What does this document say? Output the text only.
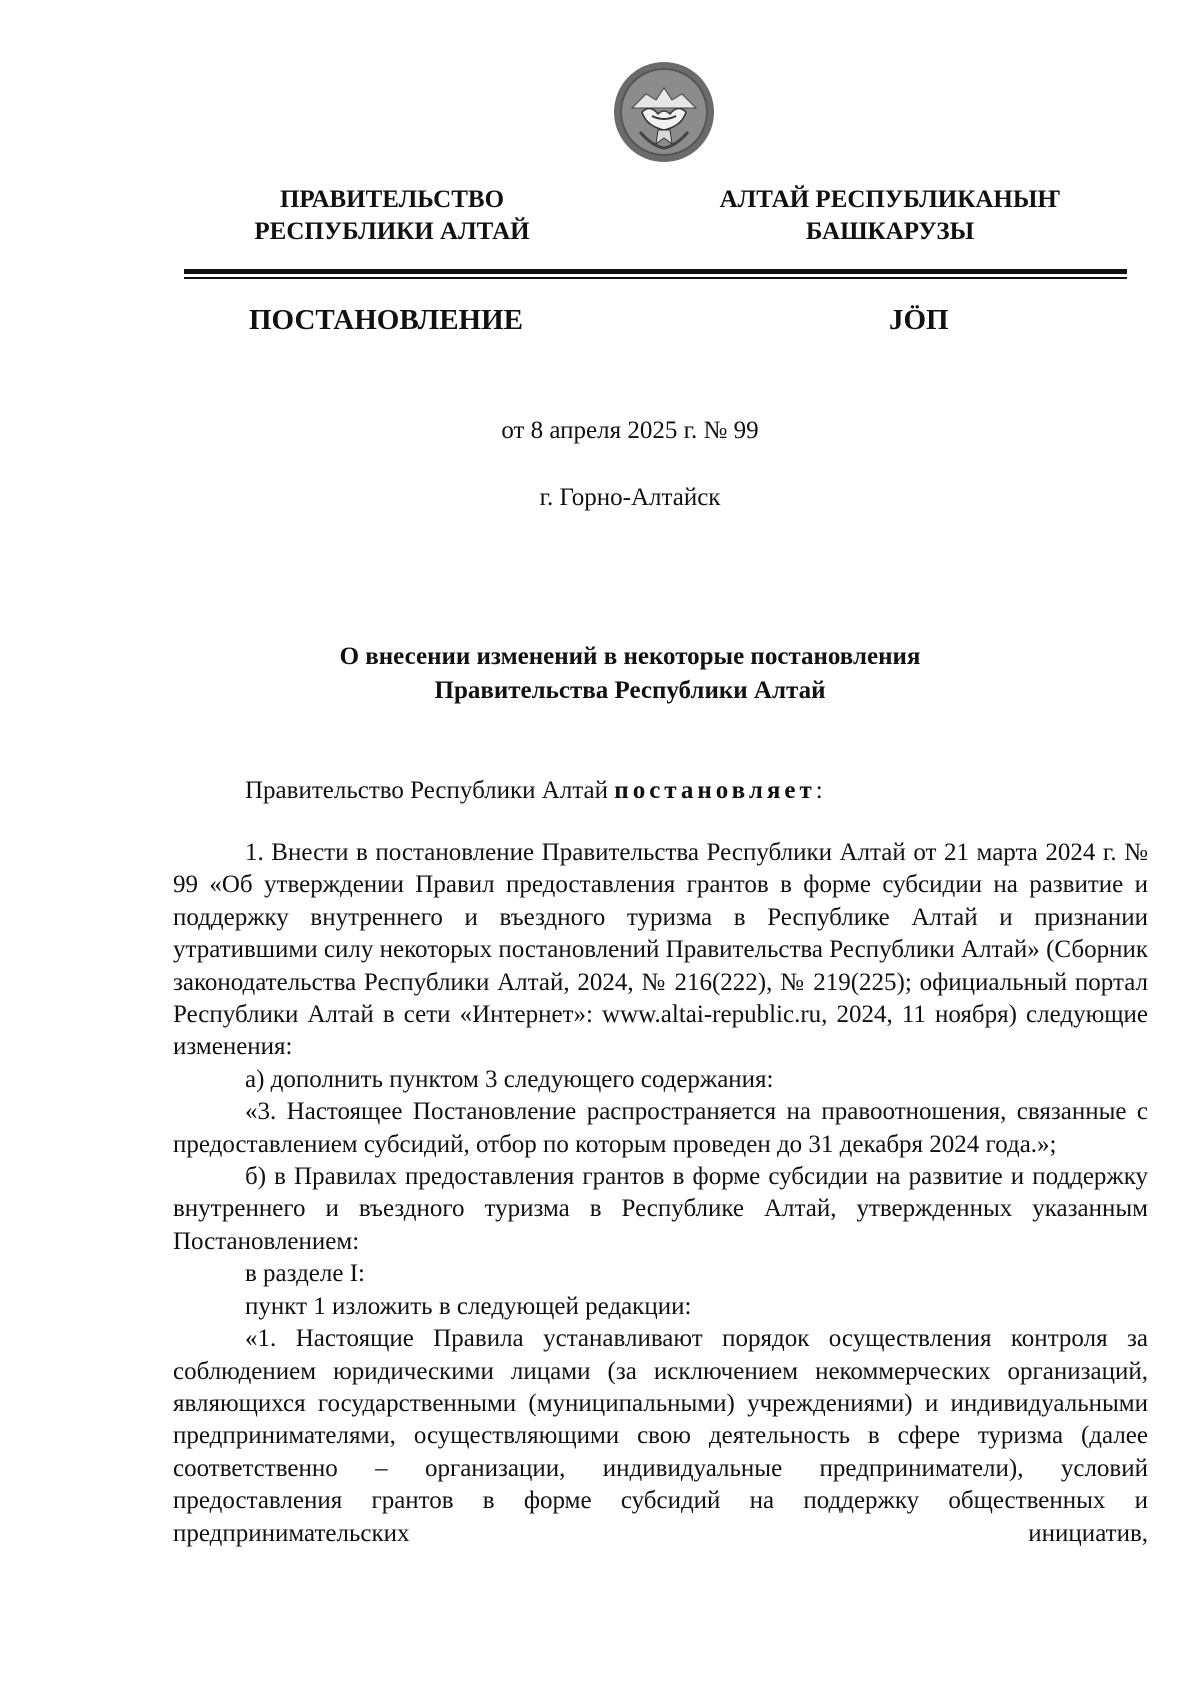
ПРАВИТЕЛЬСТВО
РЕСПУБЛИКИ АЛТАЙ
АЛТАЙ РЕСПУБЛИКАНЫҤ
БАШКАРУЗЫ
ПОСТАНОВЛЕНИЕ	JÖП
от 8 апреля 2025 г. № 99
г. Горно-Алтайск
О внесении изменений в некоторые постановления
Правительства Республики Алтай
Правительство Республики Алтай постановляет:

1. Внести в постановление Правительства Республики Алтай от 21 марта 2024 г. № 99 «Об утверждении Правил предоставления грантов в форме субсидии на развитие и поддержку внутреннего и въездного туризма в Республике Алтай и признании утратившими силу некоторых постановлений Правительства Республики Алтай» (Сборник законодательства Республики Алтай, 2024, № 216(222), № 219(225); официальный портал Республики Алтай в сети «Интернет»: www.altai-republic.ru, 2024, 11 ноября) следующие изменения:

а) дополнить пунктом 3 следующего содержания:

«3. Настоящее Постановление распространяется на правоотношения, связанные с предоставлением субсидий, отбор по которым проведен до 31 декабря 2024 года.»;

б) в Правилах предоставления грантов в форме субсидии на развитие и поддержку внутреннего и въездного туризма в Республике Алтай, утвержденных указанным Постановлением:

в разделе I:

пункт 1 изложить в следующей редакции:

«1. Настоящие Правила устанавливают порядок осуществления контроля за соблюдением юридическими лицами (за исключением некоммерческих организаций, являющихся государственными (муниципальными) учреждениями) и индивидуальными предпринимателями, осуществляющими свою деятельность в сфере туризма (далее соответственно – организации, индивидуальные предприниматели), условий предоставления грантов в форме субсидий на поддержку общественных и предпринимательских инициатив,
